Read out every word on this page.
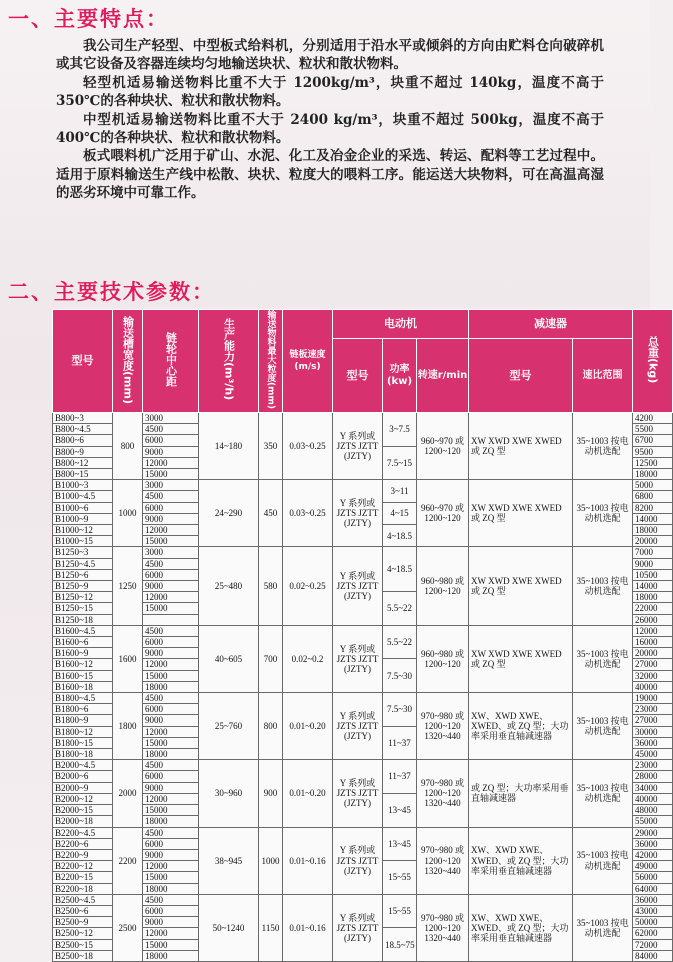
一、主要特点：

我公司生产轻型、中型板式给料机，分别适用于沿水平或倾斜的方向由贮料仓向破碎机或其它设备及容器连续均匀地输送块状、粒状和散状物料。

轻型机适易输送物料比重不大于 1200kg/m³，块重不超过 140kg，温度不高于 350℃的各种块状、粒状和散状物料。

中型机适易输送物料比重不大于 2400 kg/m³，块重不超过 500kg，温度不高于 400℃的各种块状、粒状和散状物料。

板式喂料机广泛用于矿山、水泥、化工及冶金企业的采选、转运、配料等工艺过程中。适用于原料输送生产线中松散、块状、粒度大的喂料工序。能运送大块物料，可在高温高湿的恶劣环境中可靠工作。

二、主要技术参数：
型号	输送槽宽度(mm)	链轮中心距	生产能力(m³/h)	输送物料最大粒度(mm)	链板速度(m/s)	电动机			减速器		总重(kg)
						型号	功率(kw)	转速r/min	型号	速比范围	
B800~3	800	3000	14~180	350	0.03~0.25	Y 系列或 JZTS JZTT (JZTY)	3~7.5	960~970 或 1200~120	XW XWD XWE XWED 或 ZQ 型	35~1003 按电动机选配	4200
B800~4.5		4500									5500
B800~6		6000									6700
B800~9		9000					7.5~15				9500
B800~12		12000									12500
B800~15		15000									18000
B1000~3	1000	3000	24~290	450	0.03~0.25	Y 系列或 JZTS JZTT (JZTY)	3~11	960~970 或 1200~120	XW XWD XWE XWED 或 ZQ 型	35~1003 按电动机选配	5000
B1000~4.5		4500									6800
B1000~6		6000					4~15				8200
B1000~9		9000									14000
B1000~12		12000					4~18.5				18000
B1000~15		15000									20000
B1250~3	1250	3000	25~480	580	0.02~0.25	Y 系列或 JZTS JZTT (JZTY)	4~18.5	960~980 或 1200~120	XW XWD XWE XWED 或 ZQ 型	35~1003 按电动机选配	7000
B1250~4.5		4500									9000
B1250~6		6000									10500
B1250~9		9000									14000
B1250~12		12000					5.5~22				18000
B1250~15		15000									22000
B1250~18											26000
B1600~4.5	1600	4500	40~605	700	0.02~0.2	Y 系列或 JZTS JZTT (JZTY)	5.5~22	960~980 或 1200~120	XW XWD XWE XWED 或 ZQ 型	35~1003 按电动机选配	12000
B1600~6		6000									16000
B1600~9		9000									20000
B1600~12		12000					7.5~30				27000
B1600~15		15000									32000
B1600~18		18000									40000
B1800~4.5	1800	4500	25~760	800	0.01~0.20	Y 系列或 JZTS JZTT (JZTY)	7.5~30	970~980 或 1200~120 1320~440	XW、XWD XWE、XWED、或 ZQ 型；大功率采用垂直轴减速器	35~1003 按电动机选配	19000
B1800~6		6000									23000
B1800~9		9000									27000
B1800~12		12000					11~37				30000
B1800~15		15000									36000
B1800~18		18000									45000
B2000~4.5	2000	4500	30~960	900	0.01~0.20	Y 系列或 JZTS JZTT (JZTY)	11~37	970~980 或 1200~120 1320~440	或 ZQ 型；大功率采用垂直轴减速器	35~1003 按电动机选配	23000
B2000~6		6000									28000
B2000~9		9000									34000
B2000~12		12000					13~45				40000
B2000~15		15000									48000
B2000~18		18000									55000
B2200~4.5	2200	4500	38~945	1000	0.01~0.16	Y 系列或 JZTS JZTT (JZTY)	13~45	970~980 或 1200~120 1320~440	XW、XWD XWE、XWED、或 ZQ 型；大功率采用垂直轴减速器	35~1003 按电动机选配	29000
B2200~6		6000									36000
B2200~9		9000									42000
B2200~12		12000					15~55				49000
B2200~15		15000									56000
B2200~18		18000									64000
B2500~4.5	2500	4500	50~1240	1150	0.01~0.16	Y 系列或 JZTS JZTT (JZTY)	15~55	970~980 或 1200~120 1320~440	XW、XWD XWE、XWED、或 ZQ 型；大功率采用垂直轴减速器	35~1003 按电动机选配	36000
B2500~6		6000									43000
B2500~9		9000									50000
B2500~12		12000					18.5~75				62000
B2500~15		15000									72000
B2500~18		18000									84000
